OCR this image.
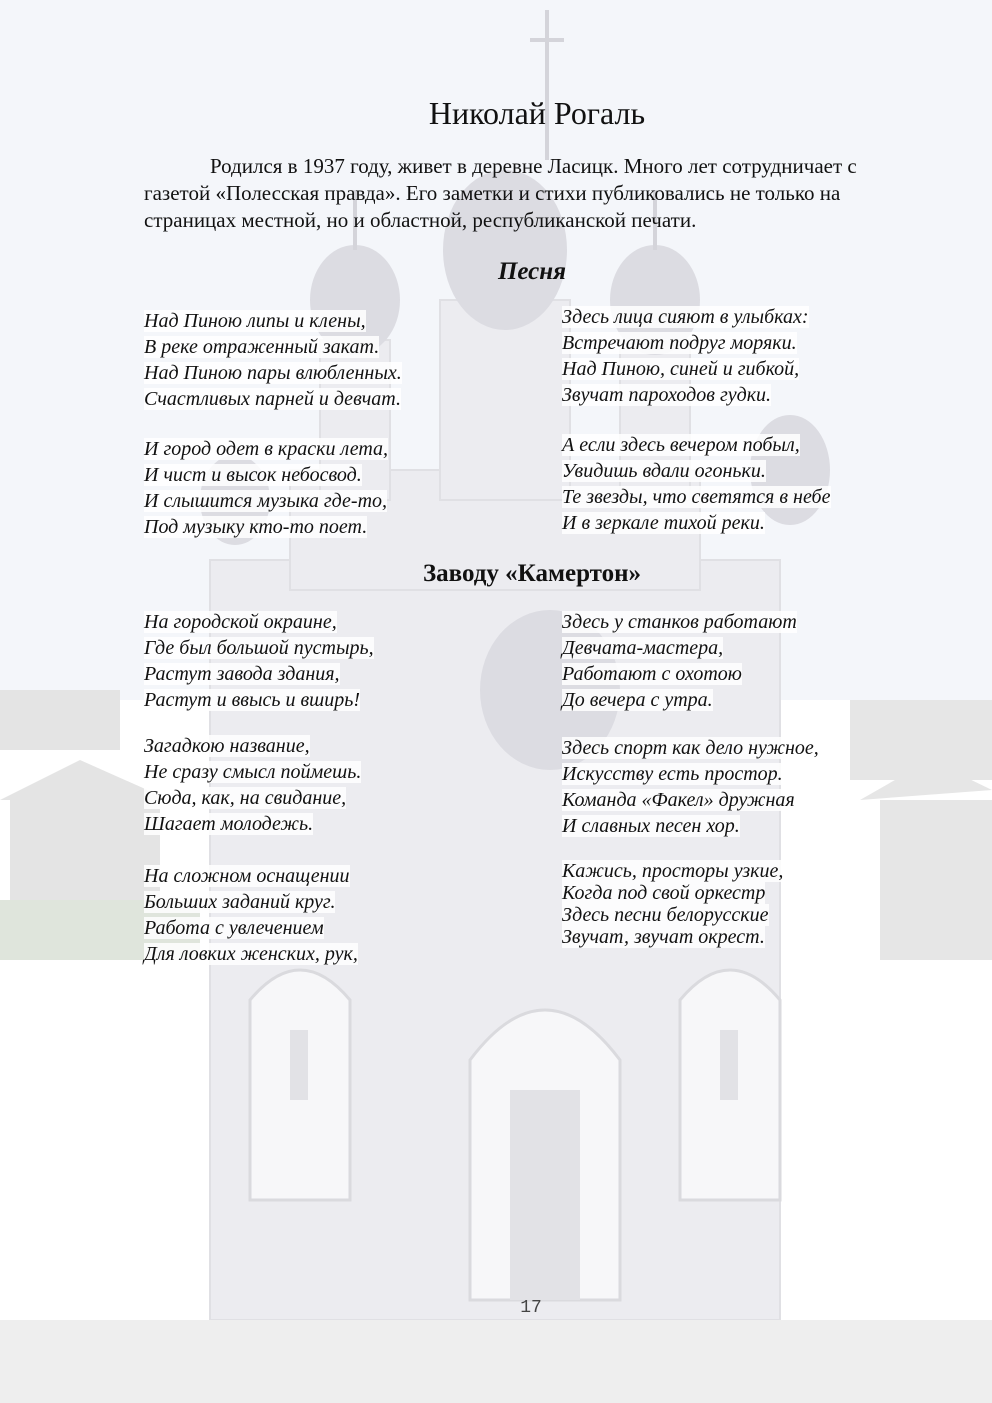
Николай Рогаль

Родился в 1937 году, живет в деревне Ласицк. Много лет сотрудничает с газетой «Полесская правда». Его заметки и стихи публиковались не только на страницах местной, но и областной, республиканской печати.

Песня
Над Пиною липы и клены,
В реке отраженный закат.
Над Пиною пары влюбленных.
Счастливых парней и девчат.
И город одет в краски лета,
И чист и высок небосвод.
И слышится музыка где-то,
Под музыку кто-то поет.
Здесь лица сияют в улыбках:
Встречают подруг моряки.
Над Пиною, синей и гибкой,
Звучат пароходов гудки.
А если здесь вечером побыл,
Увидишь вдали огоньки.
Те звезды, что светятся в небе
И в зеркале тихой реки.
Заводу «Камертон»
На городской окраине,
Где был большой пустырь,
Растут завода здания,
Растут и ввысь и вширь!
Загадкою название,
Не сразу смысл поймешь.
Сюда, как, на свидание,
Шагает молодежь.
На сложном оснащении
Больших заданий круг.
Работа с увлечением
Для ловких женских, рук,
Здесь у станков работают
Девчата-мастера,
Работают с охотою
До вечера с утра.
Здесь спорт как дело нужное,
Искусству есть простор.
Команда «Факел» дружная
И славных песен хор.
Кажись, просторы узкие,
Когда под свой оркестр
Здесь песни белорусские
Звучат, звучат окрест.
17
